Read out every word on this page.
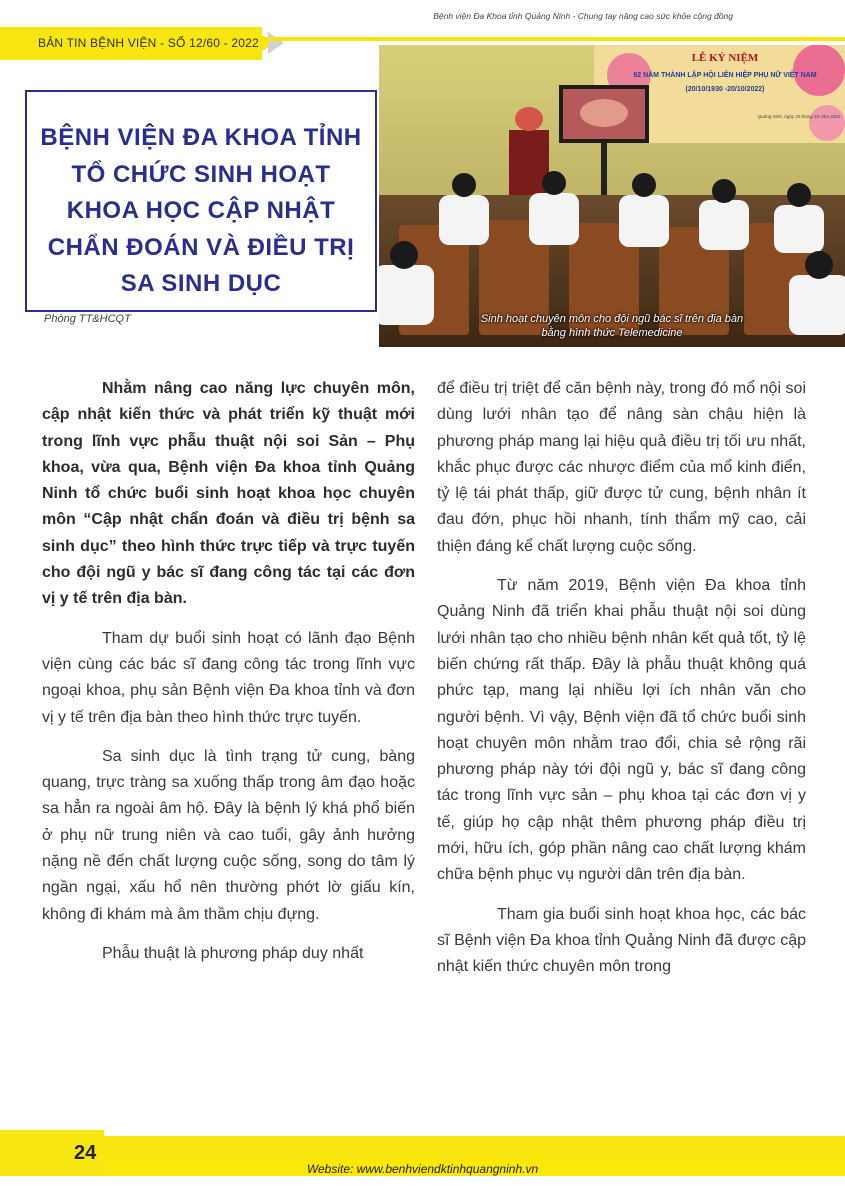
BẢN TIN BỆNH VIỆN - SỐ 12/60 - 2022
Bệnh viện Đa Khoa tỉnh Quảng Ninh - Chung tay nâng cao sức khỏe cộng đồng
BỆNH VIỆN ĐA KHOA TỈNH
TỔ CHỨC SINH HOẠT
KHOA HỌC CẬP NHẬT
CHẨN ĐOÁN VÀ ĐIỀU TRỊ
SA SINH DỤC
Phòng TT&HCQT
LỄ KỶ NIỆM
92 NĂM THÀNH LẬP HỘI LIÊN HIỆP PHỤ NỮ VIỆT NAM
(20/10/1930 -20/10/2022)
Quảng Ninh, ngày 20 tháng 10 năm 2022
Sinh hoạt chuyên môn cho đội ngũ bác sĩ trên địa bàn
bằng hình thức Telemedicine

Nhằm nâng cao năng lực chuyên môn, cập nhật kiến thức và phát triển kỹ thuật mới trong lĩnh vực phẫu thuật nội soi Sản – Phụ khoa, vừa qua, Bệnh viện Đa khoa tỉnh Quảng Ninh tổ chức buổi sinh hoạt khoa học chuyên môn “Cập nhật chẩn đoán và điều trị bệnh sa sinh dục” theo hình thức trực tiếp và trực tuyến cho đội ngũ y bác sĩ đang công tác tại các đơn vị y tế trên địa bàn.

Tham dự buổi sinh hoạt có lãnh đạo Bệnh viện cùng các bác sĩ đang công tác trong lĩnh vực ngoại khoa, phụ sản Bệnh viện Đa khoa tỉnh và đơn vị y tế trên địa bàn theo hình thức trực tuyến.

Sa sinh dục là tình trạng tử cung, bàng quang, trực tràng sa xuống thấp trong âm đạo hoặc sa hẳn ra ngoài âm hộ. Đây là bệnh lý khá phổ biến ở phụ nữ trung niên và cao tuổi, gây ảnh hưởng nặng nề đến chất lượng cuộc sống, song do tâm lý ngần ngại, xấu hổ nên thường phớt lờ giấu kín, không đi khám mà âm thầm chịu đựng.

Phẫu thuật là phương pháp duy nhất

để điều trị triệt để căn bệnh này, trong đó mổ nội soi dùng lưới nhân tạo để nâng sàn chậu hiện là phương pháp mang lại hiệu quả điều trị tối ưu nhất, khắc phục được các nhược điểm của mổ kinh điển, tỷ lệ tái phát thấp, giữ được tử cung, bệnh nhân ít đau đớn, phục hồi nhanh, tính thẩm mỹ cao, cải thiện đáng kể chất lượng cuộc sống.

Từ năm 2019, Bệnh viện Đa khoa tỉnh Quảng Ninh đã triển khai phẫu thuật nội soi dùng lưới nhân tạo cho nhiều bệnh nhân kết quả tốt, tỷ lệ biến chứng rất thấp. Đây là phẫu thuật không quá phức tạp, mang lại nhiều lợi ích nhân văn cho người bệnh. Vì vậy, Bệnh viện đã tổ chức buổi sinh hoạt chuyên môn nhằm trao đổi, chia sẻ rộng rãi phương pháp này tới đội ngũ y, bác sĩ đang công tác trong lĩnh vực sản – phụ khoa tại các đơn vị y tế, giúp họ cập nhật thêm phương pháp điều trị mới, hữu ích, góp phần nâng cao chất lượng khám chữa bệnh phục vụ người dân trên địa bàn.

Tham gia buổi sinh hoạt khoa học, các bác sĩ Bệnh viện Đa khoa tỉnh Quảng Ninh đã được cập nhật kiến thức chuyên môn trong

24
Website: www.benhviendktinhquangninh.vn
